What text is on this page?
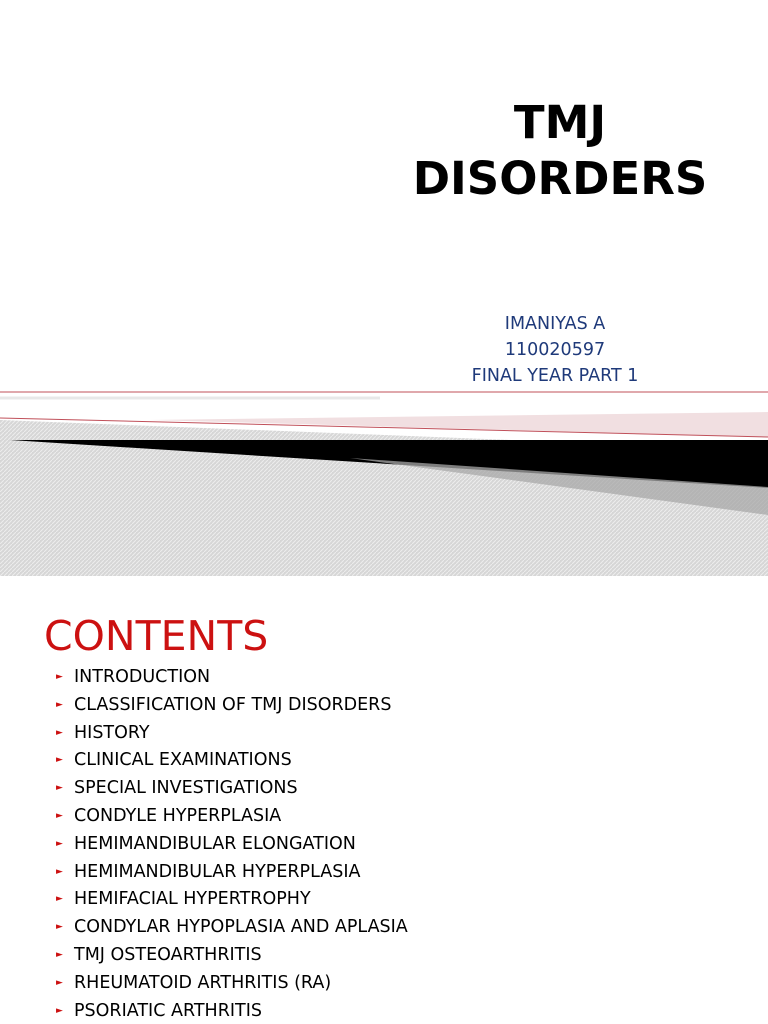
TMJ
DISORDERS
IMANIYAS A
110020597
FINAL YEAR PART 1
CONTENTS
► INTRODUCTION
► CLASSIFICATION OF TMJ DISORDERS
► HISTORY
► CLINICAL EXAMINATIONS
► SPECIAL INVESTIGATIONS
► CONDYLE HYPERPLASIA
► HEMIMANDIBULAR ELONGATION
► HEMIMANDIBULAR HYPERPLASIA
► HEMIFACIAL HYPERTROPHY
► CONDYLAR HYPOPLASIA AND APLASIA
► TMJ OSTEOARTHRITIS
► RHEUMATOID ARTHRITIS (RA)
► PSORIATIC ARTHRITIS
